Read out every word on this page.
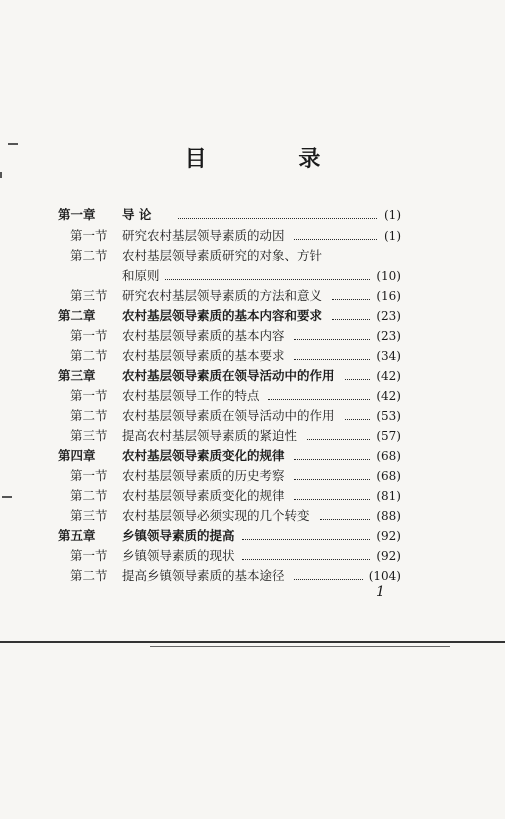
目 录
第一章 导 论	(1)
第一节 研究农村基层领导素质的动因	(1)
第二节 农村基层领导素质研究的对象、方针
和原则	(10)
第三节 研究农村基层领导素质的方法和意义	(16)
第二章 农村基层领导素质的基本内容和要求	(23)
第一节 农村基层领导素质的基本内容	(23)
第二节 农村基层领导素质的基本要求	(34)
第三章 农村基层领导素质在领导活动中的作用	(42)
第一节 农村基层领导工作的特点	(42)
第二节 农村基层领导素质在领导活动中的作用	(53)
第三节 提高农村基层领导素质的紧迫性	(57)
第四章 农村基层领导素质变化的规律	(68)
第一节 农村基层领导素质的历史考察	(68)
第二节 农村基层领导素质变化的规律	(81)
第三节 农村基层领导必须实现的几个转变	(88)
第五章 乡镇领导素质的提高	(92)
第一节 乡镇领导素质的现状	(92)
第二节 提高乡镇领导素质的基本途径	(104)
1
